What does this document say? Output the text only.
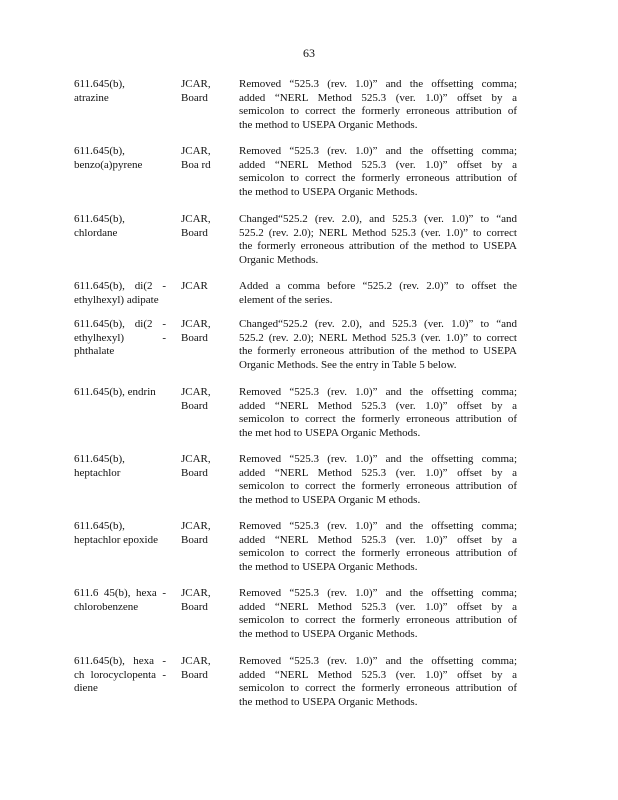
63
611.645(b),
atrazine
JCAR,
Board
Removed “525.3 (rev. 1.0)” and the offsetting comma;
added “NERL Method 525.3 (ver. 1.0)” offset by a
semicolon to correct the formerly erroneous attribution of
the method to USEPA Organic Methods.
611.645(b),
benzo(a)pyrene
JCAR,
Boa rd
Removed “525.3 (rev. 1.0)” and the offsetting comma;
added “NERL Method 525.3 (ver. 1.0)” offset by a
semicolon to correct the formerly erroneous attribution of
the method to USEPA Organic Methods.
611.645(b),
chlordane
JCAR,
Board
Changed“525.2 (rev. 2.0), and 525.3 (ver. 1.0)” to “and
525.2 (rev. 2.0); NERL Method 525.3 (ver. 1.0)” to correct
the formerly erroneous attribution of the method to USEPA
Organic Methods.
611.645(b), di(2 -
ethylhexyl) adipate
JCAR	Added a comma before “525.2 (rev. 2.0)” to offset the
element of the series.
611.645(b), di(2 -
ethylhexyl) -
phthalate
JCAR,
Board
Changed“525.2 (rev. 2.0), and 525.3 (ver. 1.0)” to “and
525.2 (rev. 2.0); NERL Method 525.3 (ver. 1.0)” to correct
the formerly erroneous attribution of the method to USEPA
Organic Methods. See the entry in Table 5 below.
611.645(b), endrin	JCAR,
Board
Removed “525.3 (rev. 1.0)” and the offsetting comma;
added “NERL Method 525.3 (ver. 1.0)” offset by a
semicolon to correct the formerly erroneous attribution of
the met hod to USEPA Organic Methods.
611.645(b),
heptachlor
JCAR,
Board
Removed “525.3 (rev. 1.0)” and the offsetting comma;
added “NERL Method 525.3 (ver. 1.0)” offset by a
semicolon to correct the formerly erroneous attribution of
the method to USEPA Organic M ethods.
611.645(b),
heptachlor epoxide
JCAR,
Board
Removed “525.3 (rev. 1.0)” and the offsetting comma;
added “NERL Method 525.3 (ver. 1.0)” offset by a
semicolon to correct the formerly erroneous attribution of
the method to USEPA Organic Methods.
611.6 45(b), hexa -
chlorobenzene
JCAR,
Board
Removed “525.3 (rev. 1.0)” and the offsetting comma;
added “NERL Method 525.3 (ver. 1.0)” offset by a
semicolon to correct the formerly erroneous attribution of
the method to USEPA Organic Methods.
611.645(b), hexa -
ch lorocyclopenta -
diene
JCAR,
Board
Removed “525.3 (rev. 1.0)” and the offsetting comma;
added “NERL Method 525.3 (ver. 1.0)” offset by a
semicolon to correct the formerly erroneous attribution of
the method to USEPA Organic Methods.
